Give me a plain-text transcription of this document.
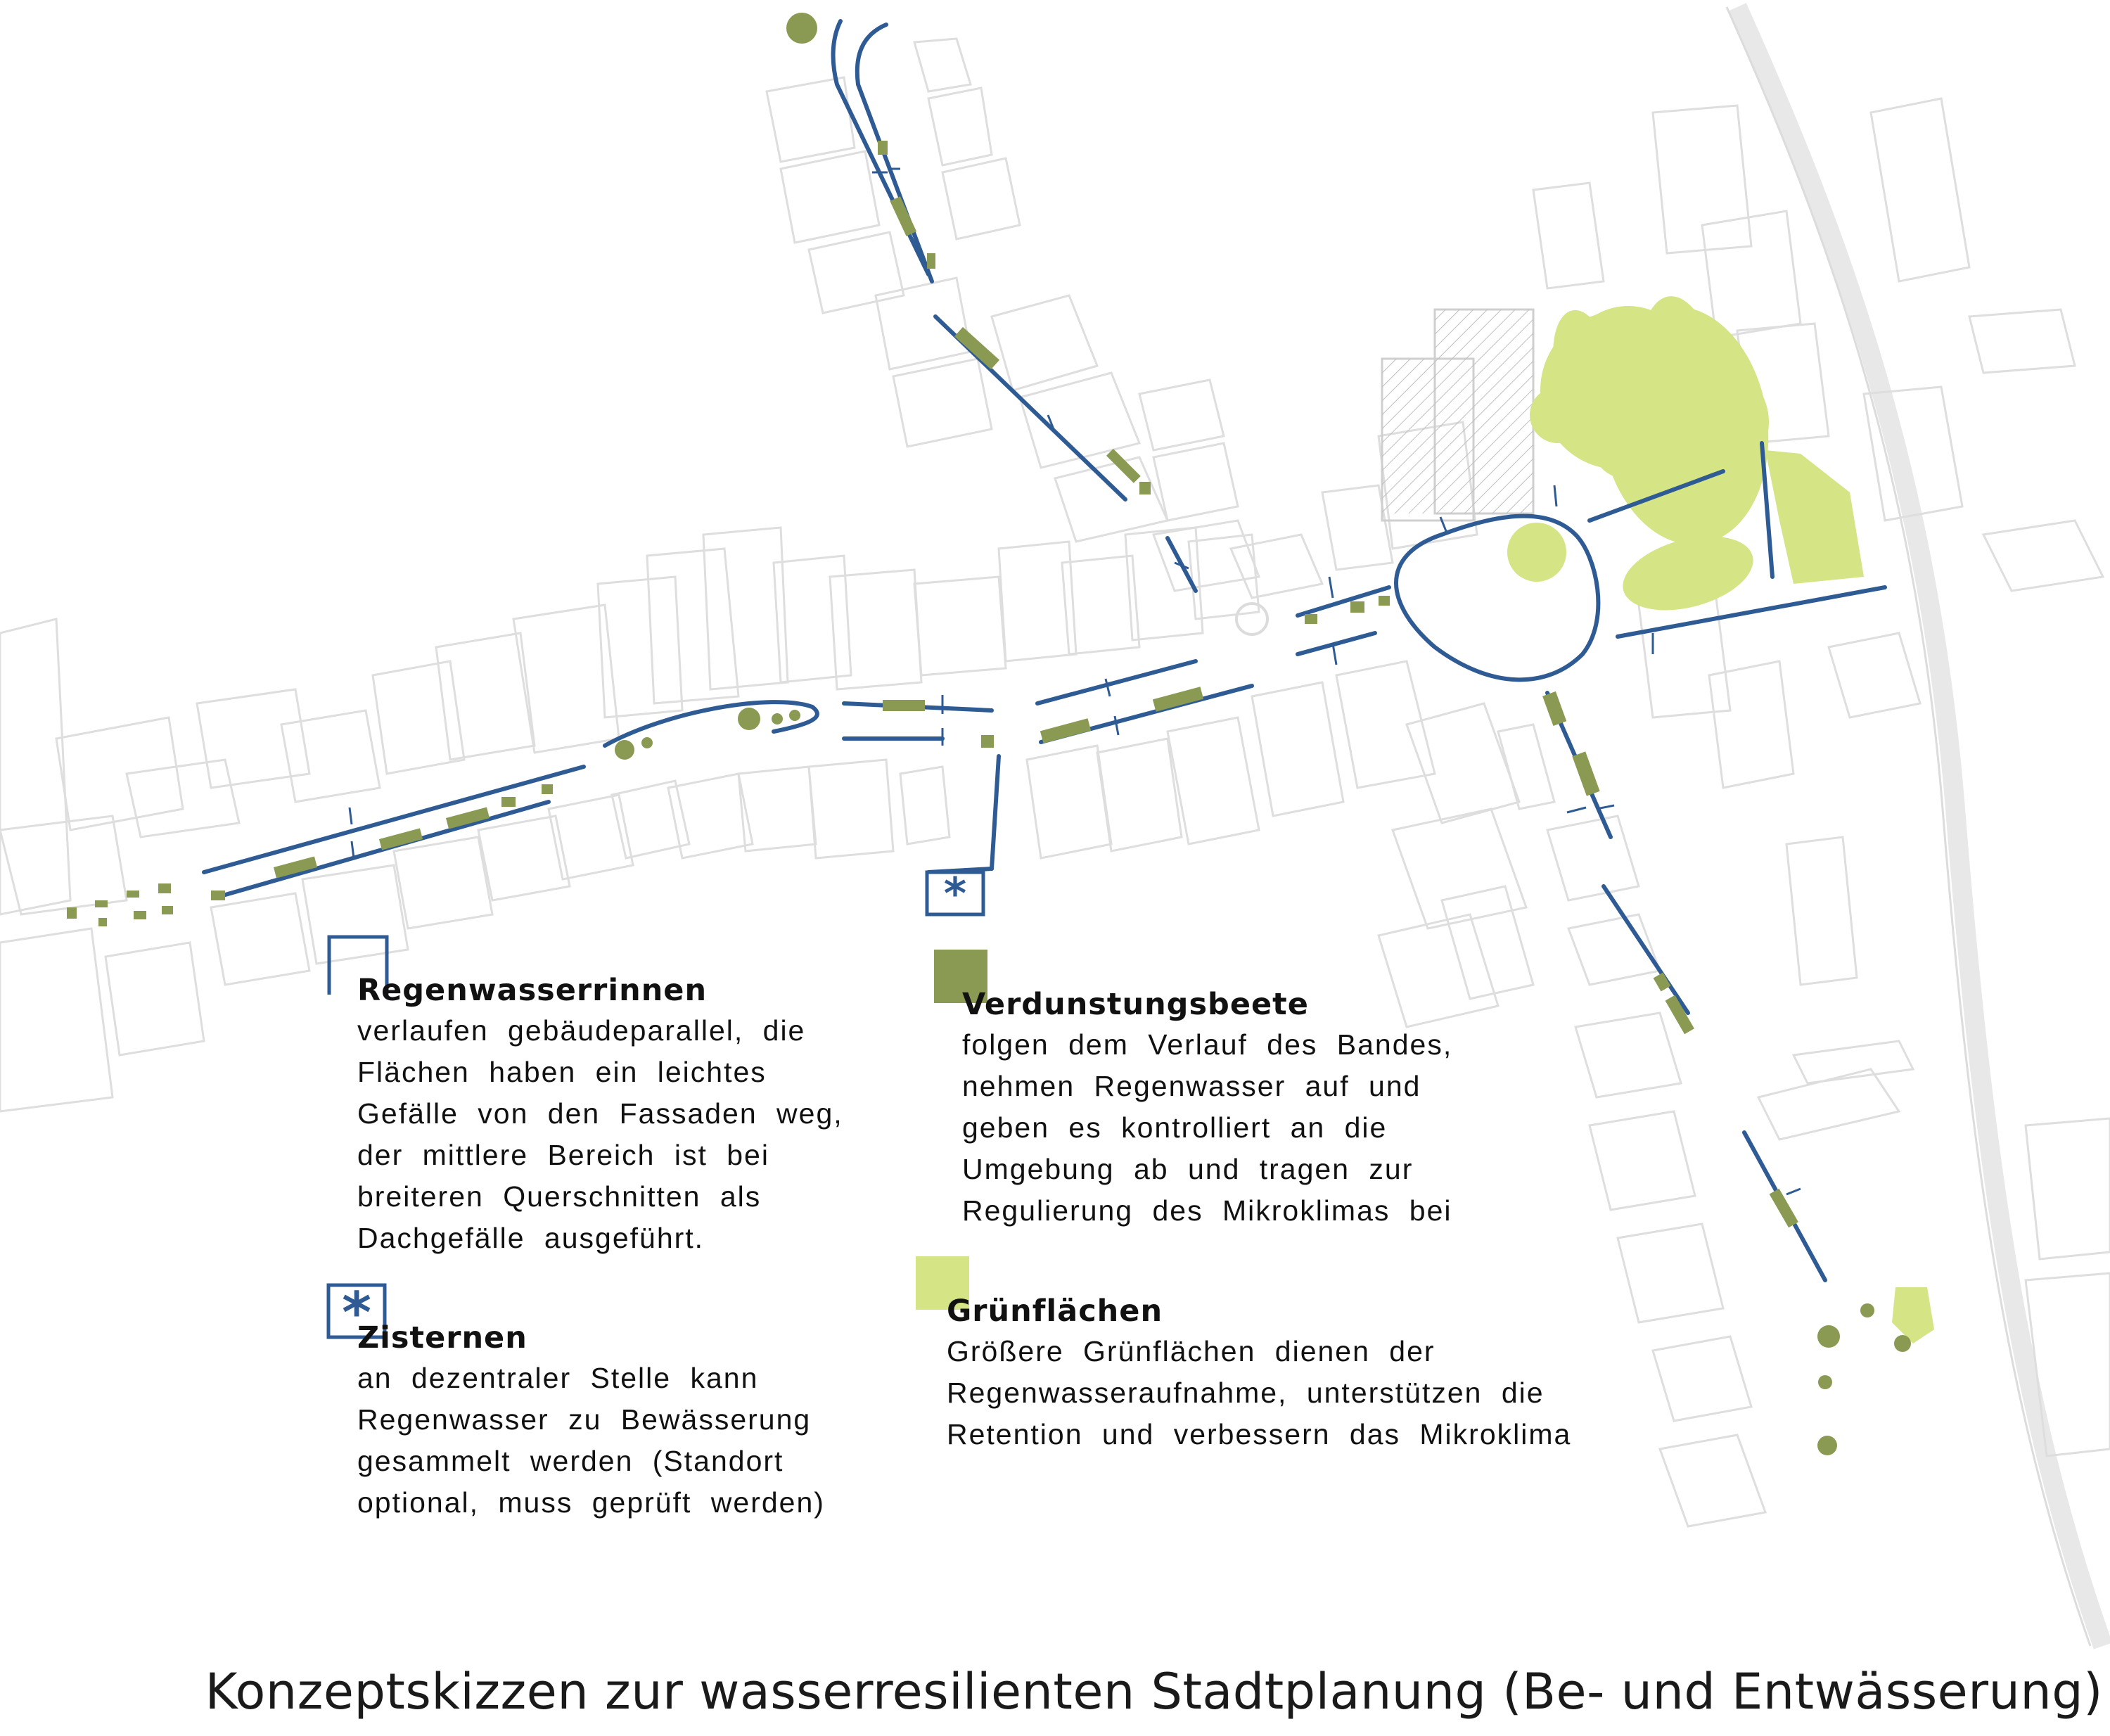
*
*

Regenwasserrinnen

verlaufen gebäudeparallel, die
Flächen haben ein leichtes
Gefälle von den Fassaden weg,
der mittlere Bereich ist bei
breiteren Querschnitten als
Dachgefälle ausgeführt.

Zisternen

an dezentraler Stelle kann
Regenwasser zu Bewässerung
gesammelt werden (Standort
optional, muss geprüft werden)

Verdunstungsbeete

folgen dem Verlauf des Bandes,
nehmen Regenwasser auf und
geben es kontrolliert an die
Umgebung ab und tragen zur
Regulierung des Mikroklimas bei

Grünflächen

Größere Grünflächen dienen der
Regenwasseraufnahme, unterstützen die
Retention und verbessern das Mikroklima

Konzeptskizzen zur wasserresilienten Stadtplanung (Be- und Entwässerung)
